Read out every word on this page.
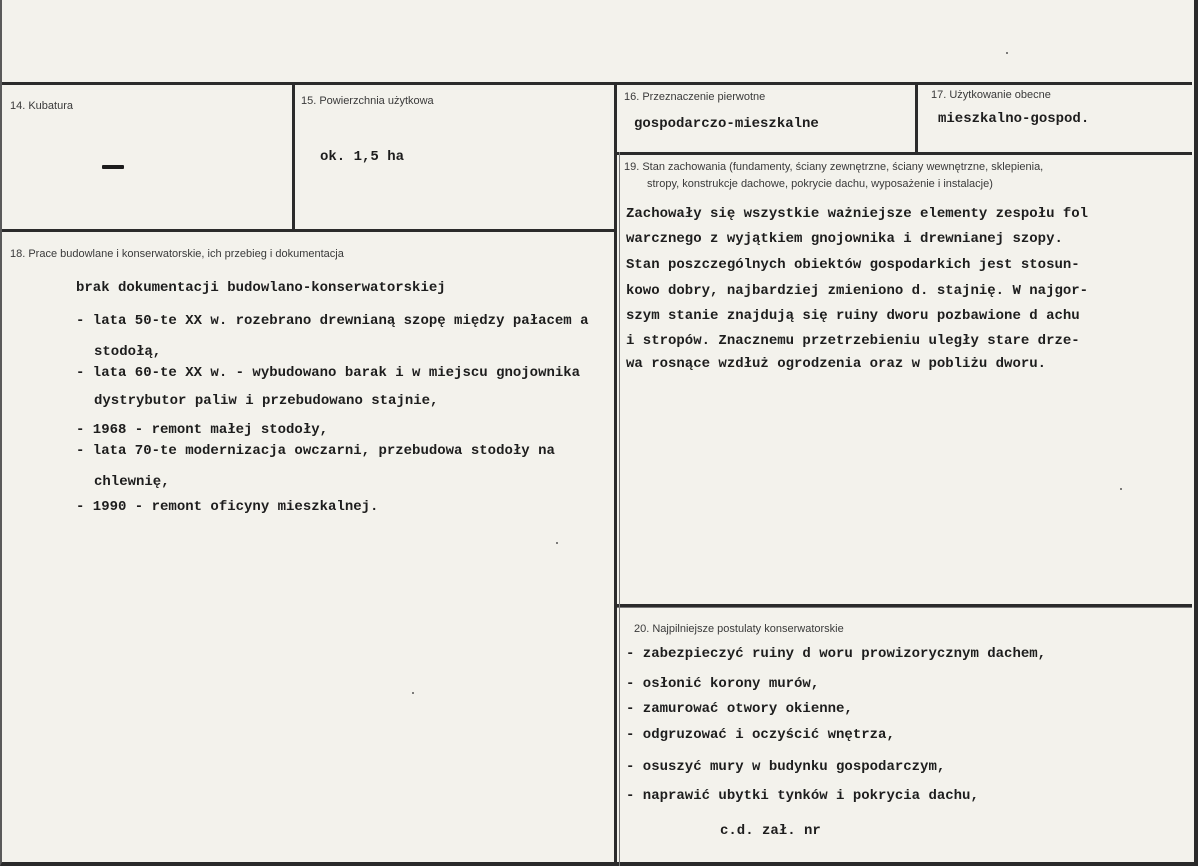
14. Kubatura	15. Powierzchnia użytkowa
ok. 1,5 ha
16. Przeznaczenie pierwotne
gospodarczo-mieszkalne
17. Użytkowanie obecne
mieszkalno-gospod.
18. Prace budowlane i konserwatorskie, ich przebieg i dokumentacja
brak dokumentacji budowlano-konserwatorskiej
- lata 50-te XX w. rozebrano drewnianą szopę między pałacem a
stodołą,
- lata 60-te XX w. - wybudowano barak i w miejscu gnojownika
dystrybutor paliw i przebudowano stajnie,
- 1968 - remont małej stodoły,
- lata 70-te modernizacja owczarni, przebudowa stodoły na
chlewnię,
- 1990 - remont oficyny mieszkalnej.
19. Stan zachowania (fundamenty, ściany zewnętrzne, ściany wewnętrzne, sklepienia,
stropy, konstrukcje dachowe, pokrycie dachu, wyposażenie i instalacje)
Zachowały się wszystkie ważniejsze elementy zespołu fol
warcznego z wyjątkiem gnojownika i drewnianej szopy.
Stan poszczególnych obiektów gospodarkich jest stosun-
kowo dobry, najbardziej zmieniono d. stajnię. W najgor-
szym stanie znajdują się ruiny dworu pozbawione d achu
i stropów. Znacznemu przetrzebieniu uległy stare drze-
wa rosnące wzdłuż ogrodzenia oraz w pobliżu dworu.
20. Najpilniejsze postulaty konserwatorskie
- zabezpieczyć ruiny d woru prowizorycznym dachem,
- osłonić korony murów,
- zamurować otwory okienne,
- odgruzować i oczyścić wnętrza,
- osuszyć mury w budynku gospodarczym,
- naprawić ubytki tynków i pokrycia dachu,
c.d. zał. nr
